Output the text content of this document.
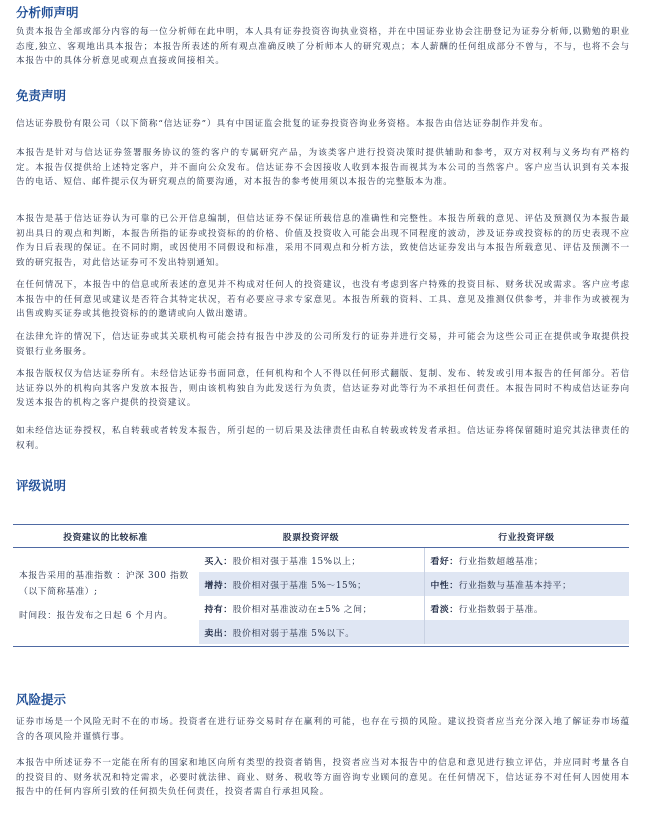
分析师声明

负责本报告全部或部分内容的每一位分析师在此申明，本人具有证券投资咨询执业资格，并在中国证券业协会注册登记为证券分析师,以勤勉的职业态度,独立、客观地出具本报告；本报告所表述的所有观点准确反映了分析师本人的研究观点；本人薪酬的任何组成部分不曾与，不与，也将不会与本报告中的具体分析意见或观点直接或间接相关。

免责声明

信达证券股份有限公司（以下简称“信达证券”）具有中国证监会批复的证券投资咨询业务资格。本报告由信达证券制作并发布。

本报告是针对与信达证券签署服务协议的签约客户的专属研究产品，为该类客户进行投资决策时提供辅助和参考，双方对权利与义务均有严格约定。本报告仅提供给上述特定客户，并不面向公众发布。信达证券不会因接收人收到本报告而视其为本公司的当然客户。客户应当认识到有关本报告的电话、短信、邮件提示仅为研究观点的简要沟通，对本报告的参考使用须以本报告的完整版本为准。

本报告是基于信达证券认为可靠的已公开信息编制，但信达证券不保证所载信息的准确性和完整性。本报告所载的意见、评估及预测仅为本报告最初出具日的观点和判断，本报告所指的证券或投资标的的价格、价值及投资收入可能会出现不同程度的波动，涉及证券或投资标的的历史表现不应作为日后表现的保证。在不同时期，或因使用不同假设和标准，采用不同观点和分析方法，致使信达证券发出与本报告所载意见、评估及预测不一致的研究报告，对此信达证券可不发出特别通知。

在任何情况下，本报告中的信息或所表述的意见并不构成对任何人的投资建议，也没有考虑到客户特殊的投资目标、财务状况或需求。客户应考虑本报告中的任何意见或建议是否符合其特定状况，若有必要应寻求专家意见。本报告所载的资料、工具、意见及推测仅供参考，并非作为或被视为出售或购买证券或其他投资标的的邀请或向人做出邀请。

在法律允许的情况下，信达证券或其关联机构可能会持有报告中涉及的公司所发行的证券并进行交易，并可能会为这些公司正在提供或争取提供投资银行业务服务。

本报告版权仅为信达证券所有。未经信达证券书面同意，任何机构和个人不得以任何形式翻版、复制、发布、转发或引用本报告的任何部分。若信达证券以外的机构向其客户发放本报告，则由该机构独自为此发送行为负责，信达证券对此等行为不承担任何责任。本报告同时不构成信达证券向发送本报告的机构之客户提供的投资建议。

如未经信达证券授权，私自转载或者转发本报告，所引起的一切后果及法律责任由私自转载或转发者承担。信达证券将保留随时追究其法律责任的权利。

评级说明
投资建议的比较标准	股票投资评级	行业投资评级

本报告采用的基准指数 ：沪深 300 指数（以下简称基准）;
时间段：报告发布之日起 6 个月内。	买入：股价相对强于基准 15%以上；	看好：行业指数超越基准；
	增持：股价相对强于基准 5%～15%；	中性：行业指数与基准基本持平；
	持有：股价相对基准波动在±5% 之间；	看淡：行业指数弱于基准。
	卖出：股价相对弱于基准 5%以下。	

风险提示

证券市场是一个风险无时不在的市场。投资者在进行证券交易时存在赢利的可能，也存在亏损的风险。建议投资者应当充分深入地了解证券市场蕴含的各项风险并谨慎行事。

本报告中所述证券不一定能在所有的国家和地区向所有类型的投资者销售，投资者应当对本报告中的信息和意见进行独立评估，并应同时考量各自的投资目的、财务状况和特定需求，必要时就法律、商业、财务、税收等方面咨询专业顾问的意见。在任何情况下，信达证券不对任何人因使用本报告中的任何内容所引致的任何损失负任何责任，投资者需自行承担风险。
